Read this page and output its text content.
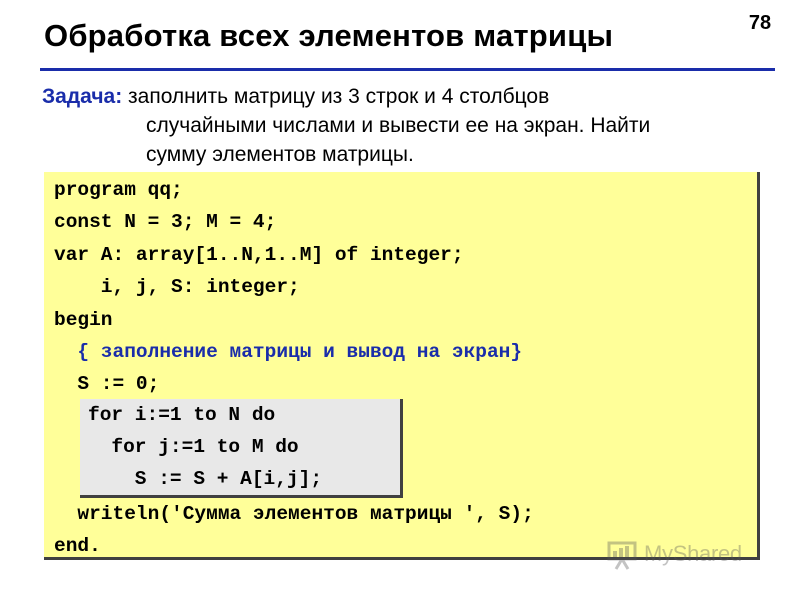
Обработка всех элементов матрицы	78
Задача: заполнить матрицу из 3 строк и 4 столбцов
случайными числами и вывести ее на экран. Найти
сумму элементов матрицы.
program qq;
const N = 3; M = 4;
var A: array[1..N,1..M] of integer;
i, j, S: integer;
begin
{ заполнение матрицы и вывод на экран}
S := 0;
writeln('Сумма элементов матрицы ', S);
end.
for i:=1 to N do
for j:=1 to M do
S := S + A[i,j];
MyShared
